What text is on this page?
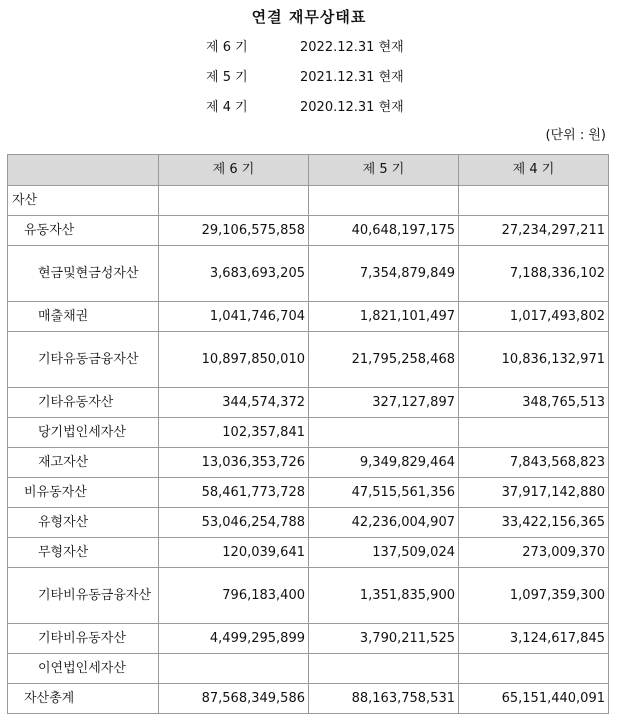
연결 재무상태표
제 6 기	2022.12.31 현재
제 5 기	2021.12.31 현재
제 4 기	2020.12.31 현재
(단위 : 원)
	제 6 기	제 5 기	제 4 기
자산			
유동자산	29,106,575,858	40,648,197,175	27,234,297,211
현금및현금성자산	3,683,693,205	7,354,879,849	7,188,336,102
매출채권	1,041,746,704	1,821,101,497	1,017,493,802
기타유동금융자산	10,897,850,010	21,795,258,468	10,836,132,971
기타유동자산	344,574,372	327,127,897	348,765,513
당기법인세자산	102,357,841		
재고자산	13,036,353,726	9,349,829,464	7,843,568,823
비유동자산	58,461,773,728	47,515,561,356	37,917,142,880
유형자산	53,046,254,788	42,236,004,907	33,422,156,365
무형자산	120,039,641	137,509,024	273,009,370
기타비유동금융자산	796,183,400	1,351,835,900	1,097,359,300
기타비유동자산	4,499,295,899	3,790,211,525	3,124,617,845
이연법인세자산			
자산총계	87,568,349,586	88,163,758,531	65,151,440,091
